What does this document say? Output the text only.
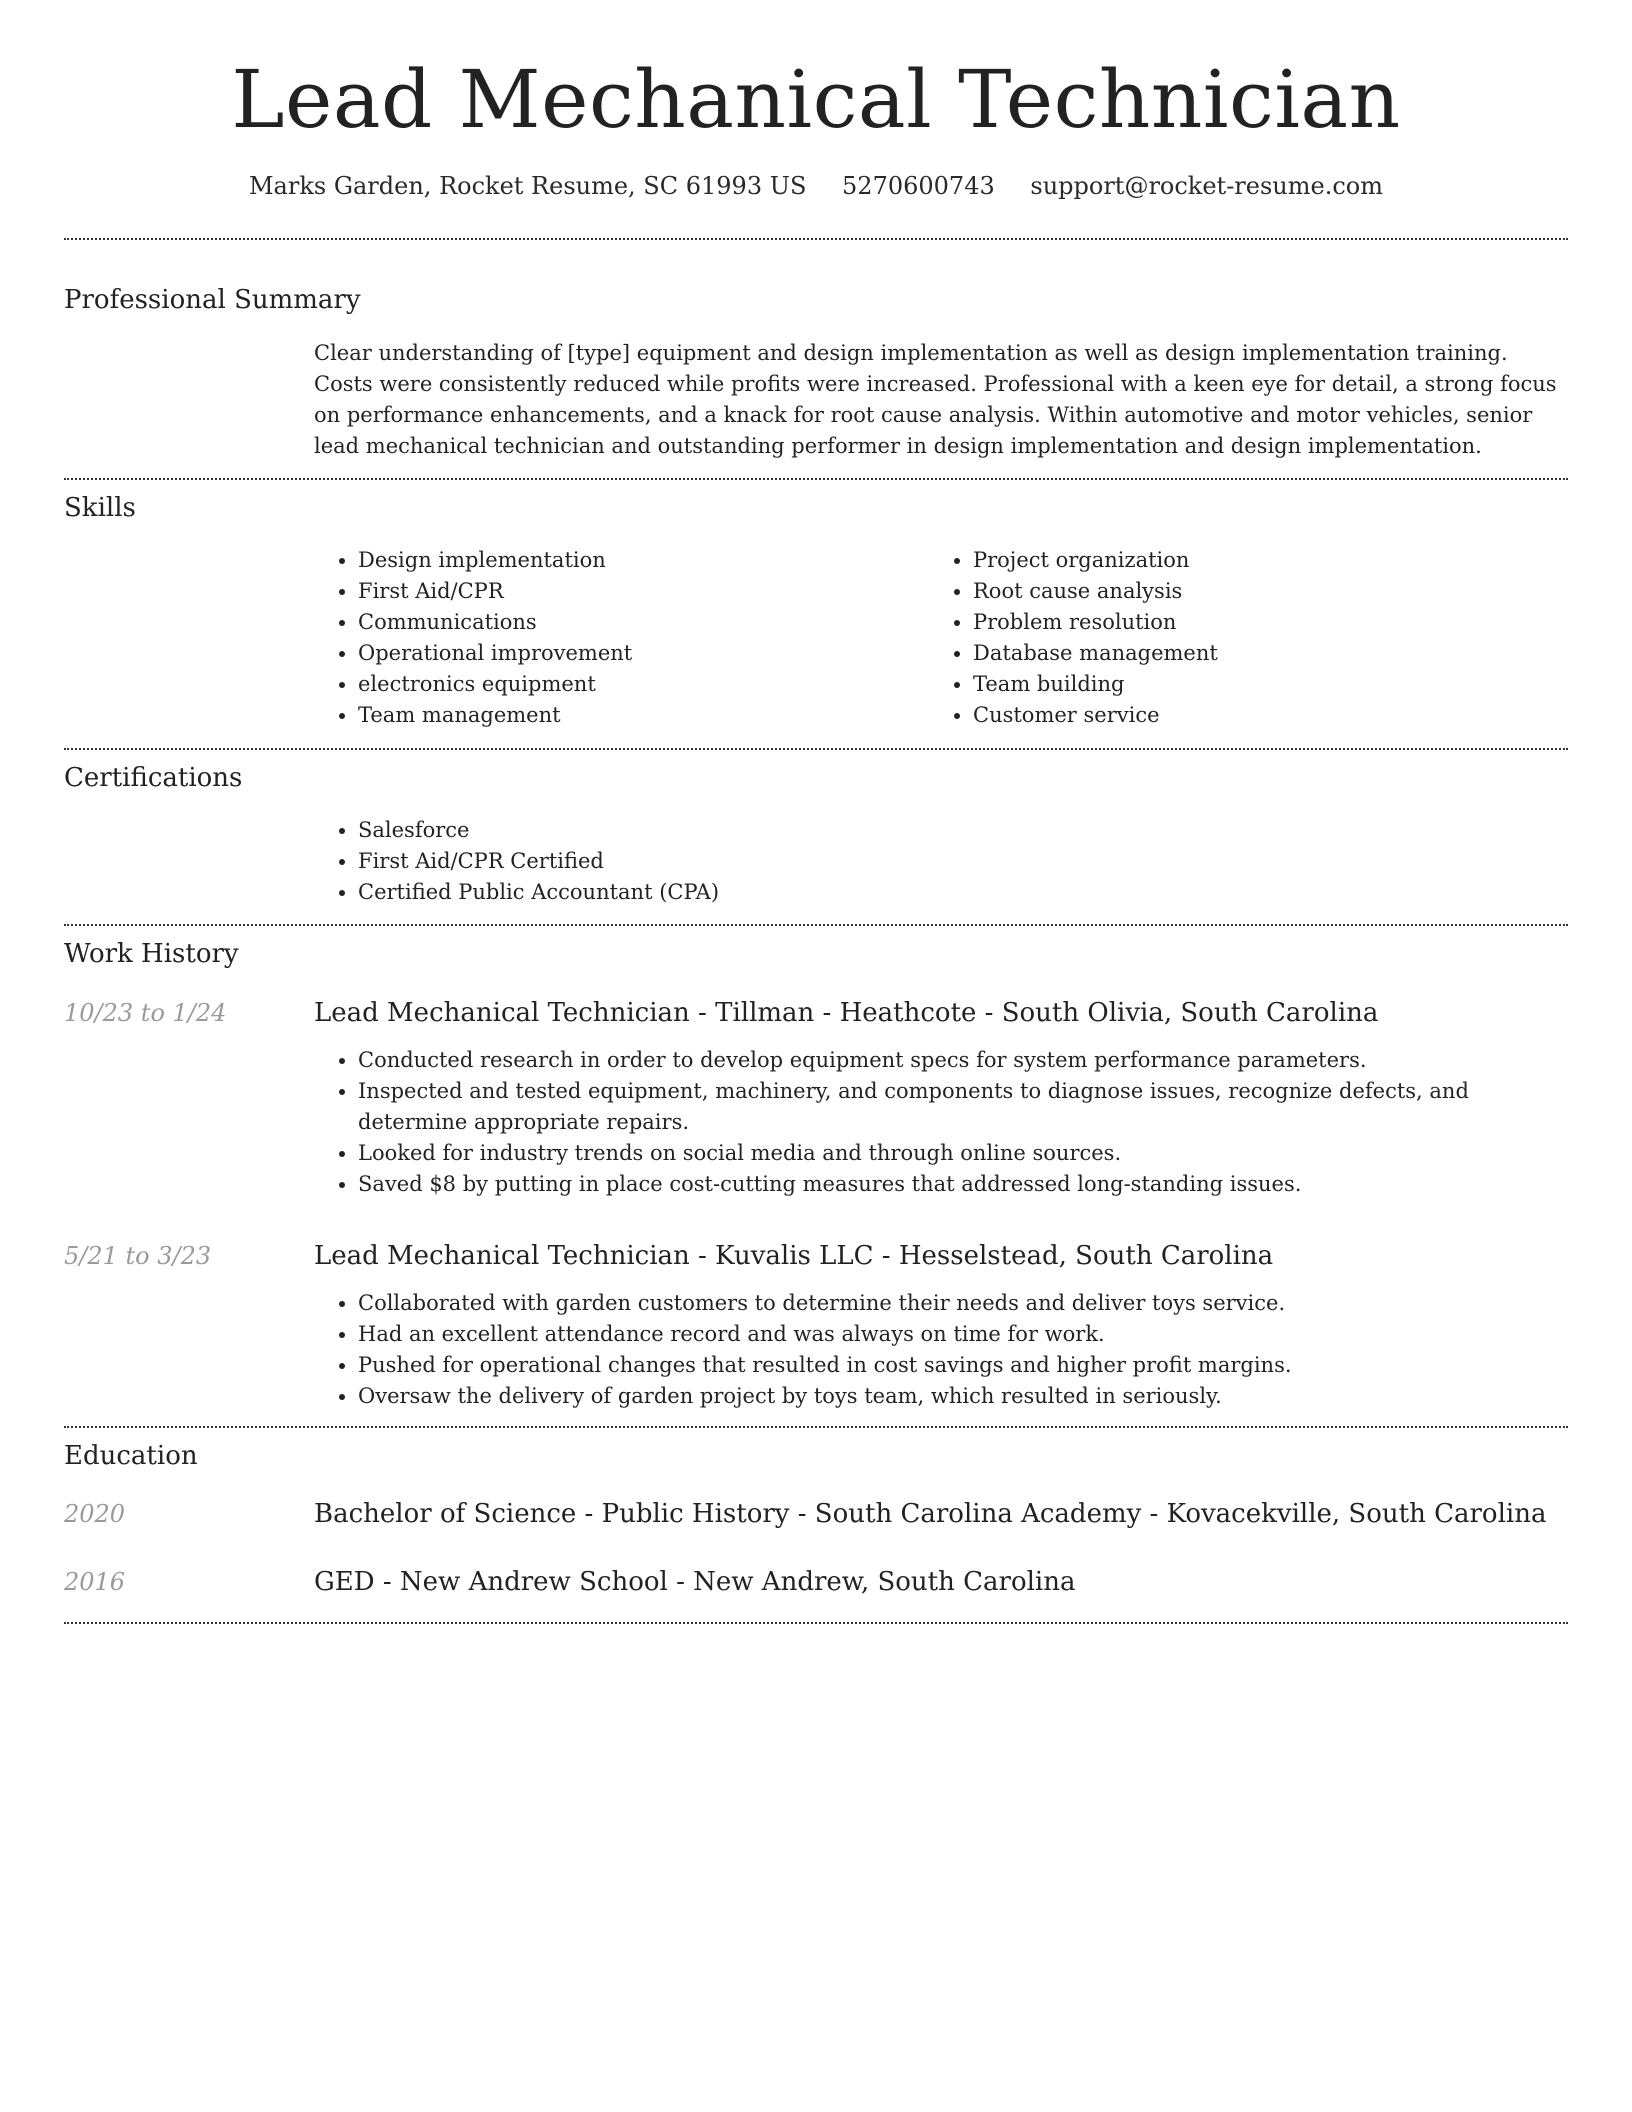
Lead Mechanical Technician
Marks Garden, Rocket Resume, SC 61993 US 5270600743 support@rocket-resume.com
Professional Summary

Clear understanding of [type] equipment and design implementation as well as design implementation training. Costs were consistently reduced while profits were increased. Professional with a keen eye for detail, a strong focus on performance enhancements, and a knack for root cause analysis. Within automotive and motor vehicles, senior lead mechanical technician and outstanding performer in design implementation and design implementation.

Skills
• Design implementation
• First Aid/CPR
• Communications
• Operational improvement
• electronics equipment
• Team management
• Project organization
• Root cause analysis
• Problem resolution
• Database management
• Team building
• Customer service
Certifications
• Salesforce
• First Aid/CPR Certified
• Certified Public Accountant (CPA)
Work History
10/23 to 1/24	Lead Mechanical Technician - Tillman - Heathcote - South Olivia, South Carolina
• Conducted research in order to develop equipment specs for system performance parameters.
• Inspected and tested equipment, machinery, and components to diagnose issues, recognize defects, and determine appropriate repairs.
• Looked for industry trends on social media and through online sources.
• Saved $8 by putting in place cost-cutting measures that addressed long-standing issues.
5/21 to 3/23	Lead Mechanical Technician - Kuvalis LLC - Hesselstead, South Carolina
• Collaborated with garden customers to determine their needs and deliver toys service.
• Had an excellent attendance record and was always on time for work.
• Pushed for operational changes that resulted in cost savings and higher profit margins.
• Oversaw the delivery of garden project by toys team, which resulted in seriously.
Education
2020	Bachelor of Science - Public History - South Carolina Academy - Kovacekville, South Carolina
2016	GED - New Andrew School - New Andrew, South Carolina
